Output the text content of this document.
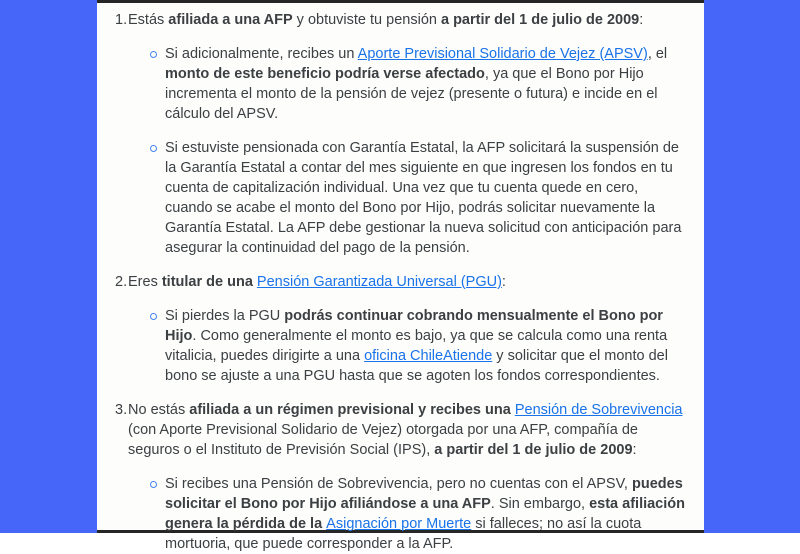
1. Estás afiliada a una AFP y obtuviste tu pensión a partir del 1 de julio de 2009:

Si adicionalmente, recibes un Aporte Previsional Solidario de Vejez (APSV), el monto de este beneficio podría verse afectado, ya que el Bono por Hijo incrementa el monto de la pensión de vejez (presente o futura) e incide en el cálculo del APSV.
Si estuviste pensionada con Garantía Estatal, la AFP solicitará la suspensión de la Garantía Estatal a contar del mes siguiente en que ingresen los fondos en tu cuenta de capitalización individual. Una vez que tu cuenta quede en cero, cuando se acabe el monto del Bono por Hijo, podrás solicitar nuevamente la Garantía Estatal. La AFP debe gestionar la nueva solicitud con anticipación para asegurar la continuidad del pago de la pensión.
2. Eres titular de una Pensión Garantizada Universal (PGU):

Si pierdes la PGU podrás continuar cobrando mensualmente el Bono por Hijo. Como generalmente el monto es bajo, ya que se calcula como una renta vitalicia, puedes dirigirte a una oficina ChileAtiende y solicitar que el monto del bono se ajuste a una PGU hasta que se agoten los fondos correspondientes.
3. No estás afiliada a un régimen previsional y recibes una Pensión de Sobrevivencia (con Aporte Previsional Solidario de Vejez) otorgada por una AFP, compañía de seguros o el Instituto de Previsión Social (IPS), a partir del 1 de julio de 2009:

Si recibes una Pensión de Sobrevivencia, pero no cuentas con el APSV, puedes solicitar el Bono por Hijo afiliándose a una AFP. Sin embargo, esta afiliación genera la pérdida de la Asignación por Muerte si falleces; no así la cuota mortuoria, que puede corresponder a la AFP.
